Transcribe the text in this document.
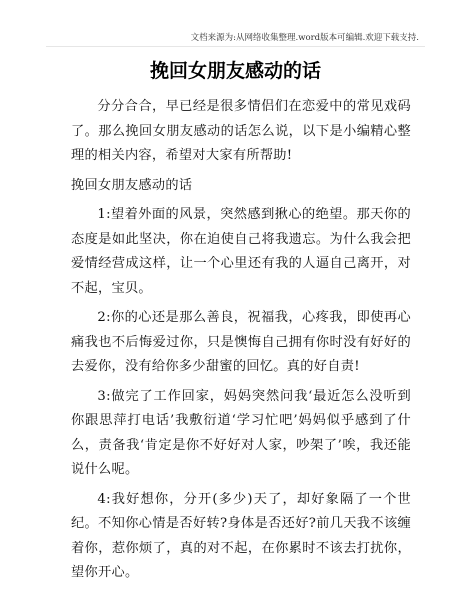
文档来源为:从网络收集整理.word版本可编辑.欢迎下载支持.
挽回女朋友感动的话

分分合合，早已经是很多情侣们在恋爱中的常见戏码了。那么挽回女朋友感动的话怎么说，以下是小编精心整理的相关内容，希望对大家有所帮助!

挽回女朋友感动的话

1:望着外面的风景，突然感到揪心的绝望。那天你的态度是如此坚决，你在迫使自己将我遗忘。为什么我会把爱情经营成这样，让一个心里还有我的人逼自己离开，对不起，宝贝。

2:你的心还是那么善良，祝福我，心疼我，即使再心痛我也不后悔爱过你，只是懊悔自己拥有你时没有好好的去爱你，没有给你多少甜蜜的回忆。真的好自责!

3:做完了工作回家，妈妈突然问我‘最近怎么没听到你跟思萍打电话’我敷衍道‘学习忙吧’妈妈似乎感到了什么，责备我‘肯定是你不好好对人家，吵架了’唉，我还能说什么呢。

4:我好想你，分开(多少)天了，却好象隔了一个世纪。不知你心情是否好转?身体是否还好?前几天我不该缠着你，惹你烦了，真的对不起，在你累时不该去打扰你，望你开心。
